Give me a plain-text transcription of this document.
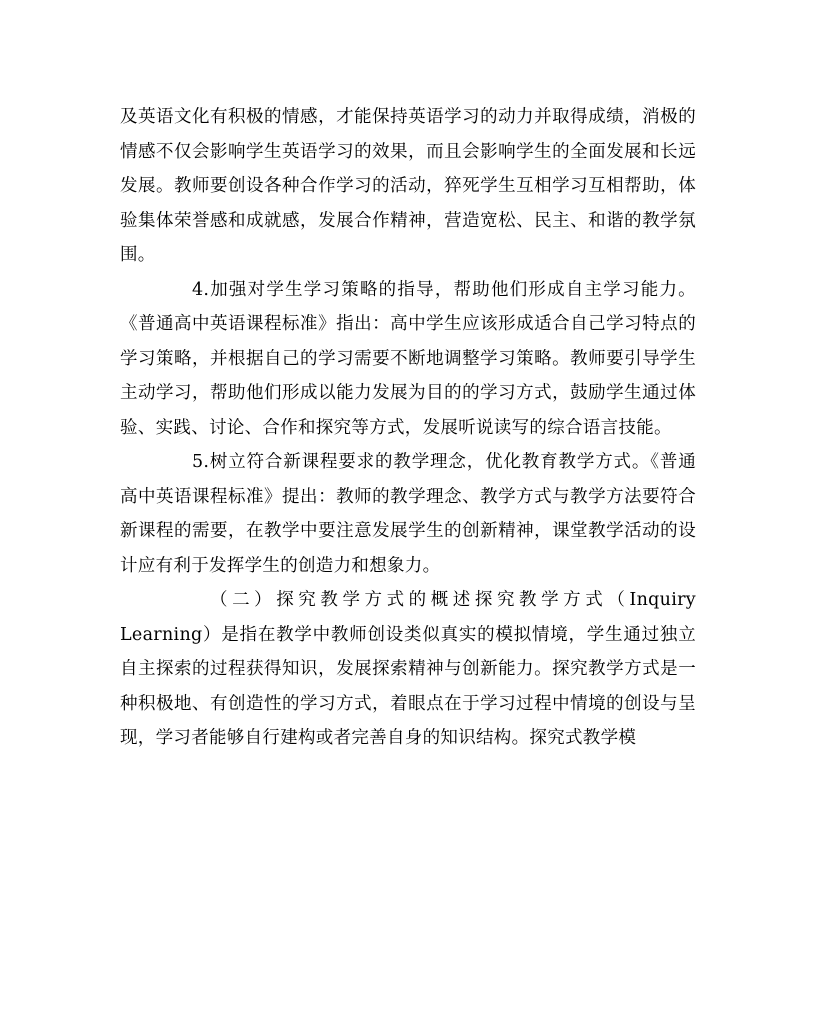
及英语文化有积极的情感，才能保持英语学习的动力并取得成绩，消极的情感不仅会影响学生英语学习的效果，而且会影响学生的全面发展和长远发展。教师要创设各种合作学习的活动，猝死学生互相学习互相帮助，体验集体荣誉感和成就感，发展合作精神，营造宽松、民主、和谐的教学氛围。

4.加强对学生学习策略的指导，帮助他们形成自主学习能力。《普通高中英语课程标准》指出：高中学生应该形成适合自己学习特点的学习策略，并根据自己的学习需要不断地调整学习策略。教师要引导学生主动学习，帮助他们形成以能力发展为目的的学习方式，鼓励学生通过体验、实践、讨论、合作和探究等方式，发展听说读写的综合语言技能。

5.树立符合新课程要求的教学理念，优化教育教学方式。《普通高中英语课程标准》提出：教师的教学理念、教学方式与教学方法要符合新课程的需要，在教学中要注意发展学生的创新精神，课堂教学活动的设计应有利于发挥学生的创造力和想象力。

（二）探究教学方式的概述探究教学方式（Inquiry Learning）是指在教学中教师创设类似真实的模拟情境，学生通过独立自主探索的过程获得知识，发展探索精神与创新能力。探究教学方式是一种积极地、有创造性的学习方式，着眼点在于学习过程中情境的创设与呈现，学习者能够自行建构或者完善自身的知识结构。探究式教学模
